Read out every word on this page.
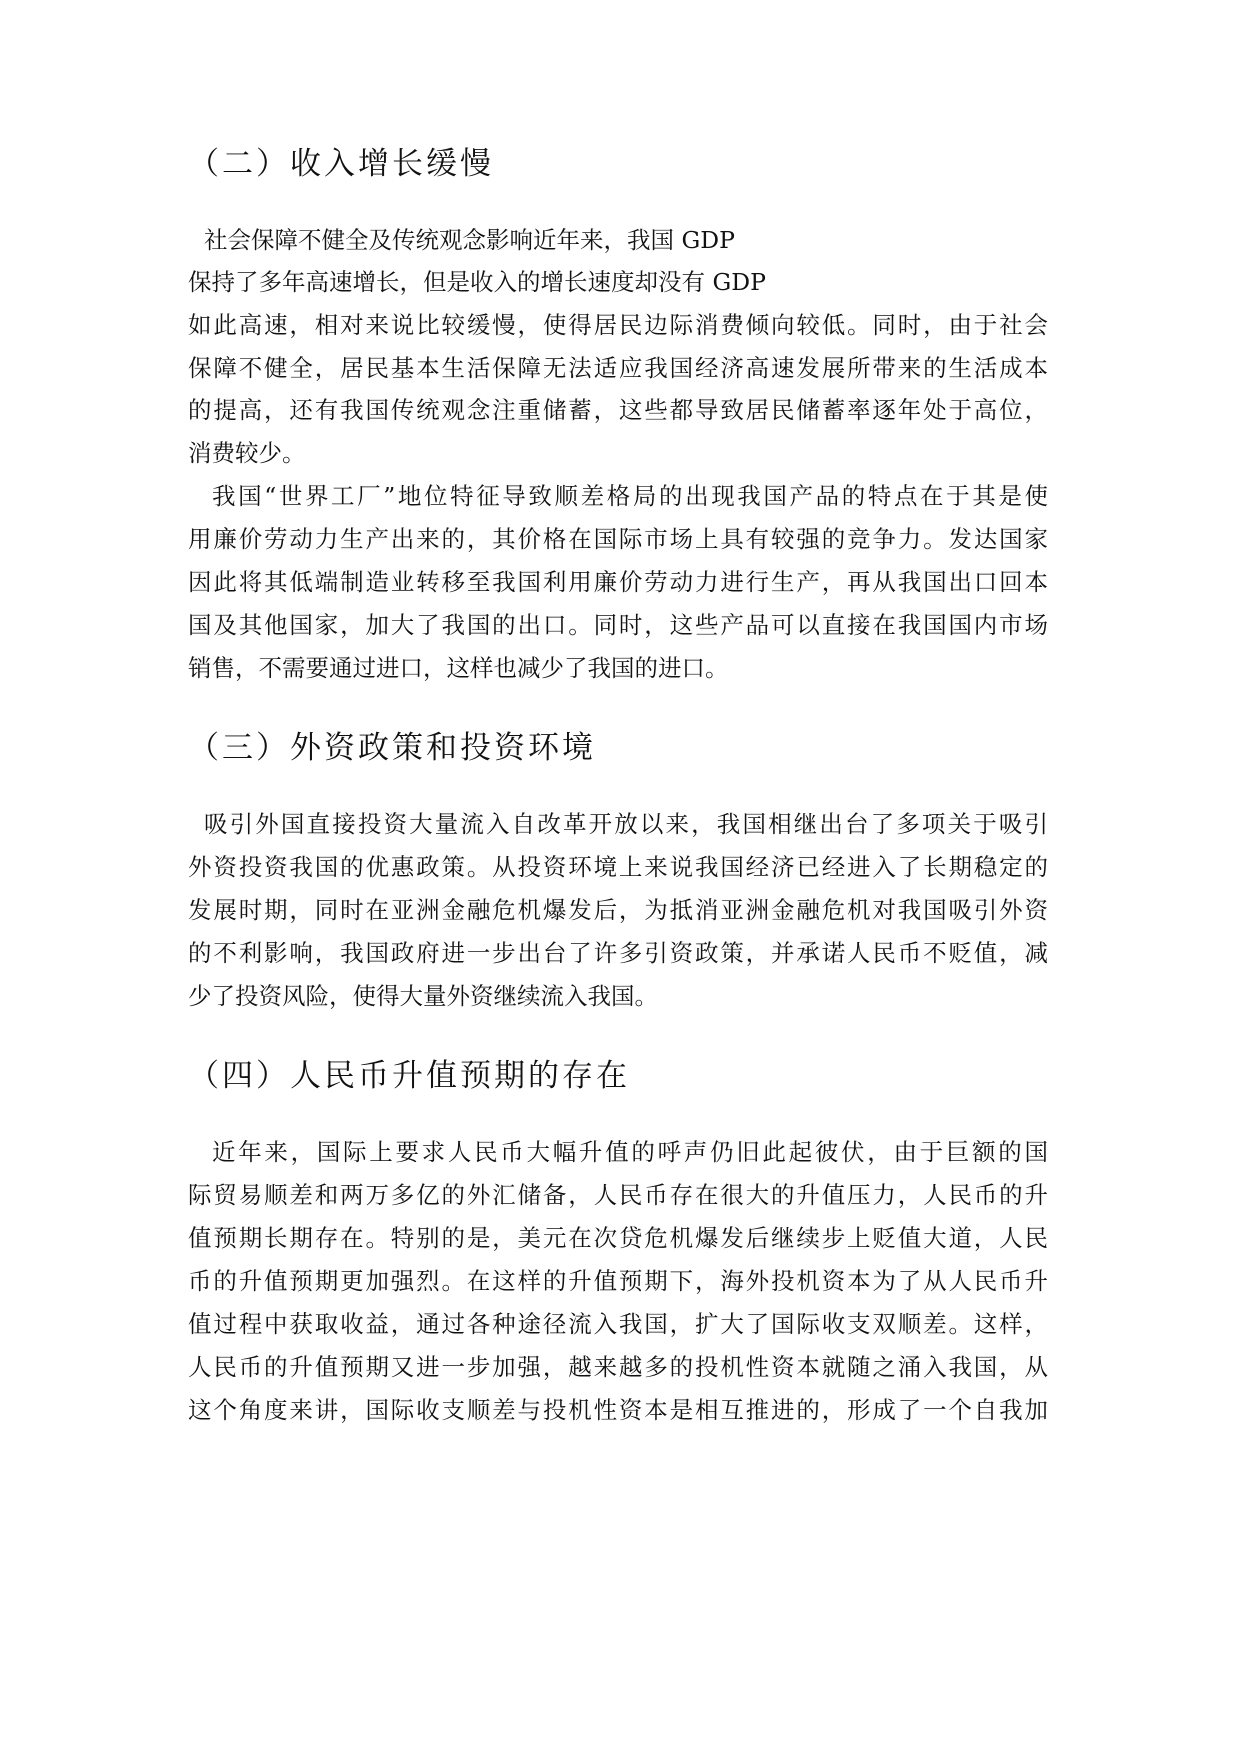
（二）收入增长缓慢
社会保障不健全及传统观念影响近年来，我国 GDP
保持了多年高速增长，但是收入的增长速度却没有 GDP
如此高速，相对来说比较缓慢，使得居民边际消费倾向较低。同时，由于社会
保障不健全，居民基本生活保障无法适应我国经济高速发展所带来的生活成本
的提高，还有我国传统观念注重储蓄，这些都导致居民储蓄率逐年处于高位，
消费较少。
我国“世界工厂”地位特征导致顺差格局的出现我国产品的特点在于其是使
用廉价劳动力生产出来的，其价格在国际市场上具有较强的竞争力。发达国家
因此将其低端制造业转移至我国利用廉价劳动力进行生产，再从我国出口回本
国及其他国家，加大了我国的出口。同时，这些产品可以直接在我国国内市场
销售，不需要通过进口，这样也减少了我国的进口。
（三）外资政策和投资环境
吸引外国直接投资大量流入自改革开放以来，我国相继出台了多项关于吸引
外资投资我国的优惠政策。从投资环境上来说我国经济已经进入了长期稳定的
发展时期，同时在亚洲金融危机爆发后，为抵消亚洲金融危机对我国吸引外资
的不利影响，我国政府进一步出台了许多引资政策，并承诺人民币不贬值，减
少了投资风险，使得大量外资继续流入我国。
（四）人民币升值预期的存在
近年来，国际上要求人民币大幅升值的呼声仍旧此起彼伏，由于巨额的国
际贸易顺差和两万多亿的外汇储备，人民币存在很大的升值压力，人民币的升
值预期长期存在。特别的是，美元在次贷危机爆发后继续步上贬值大道，人民
币的升值预期更加强烈。在这样的升值预期下，海外投机资本为了从人民币升
值过程中获取收益，通过各种途径流入我国，扩大了国际收支双顺差。这样，
人民币的升值预期又进一步加强，越来越多的投机性资本就随之涌入我国，从
这个角度来讲，国际收支顺差与投机性资本是相互推进的，形成了一个自我加
